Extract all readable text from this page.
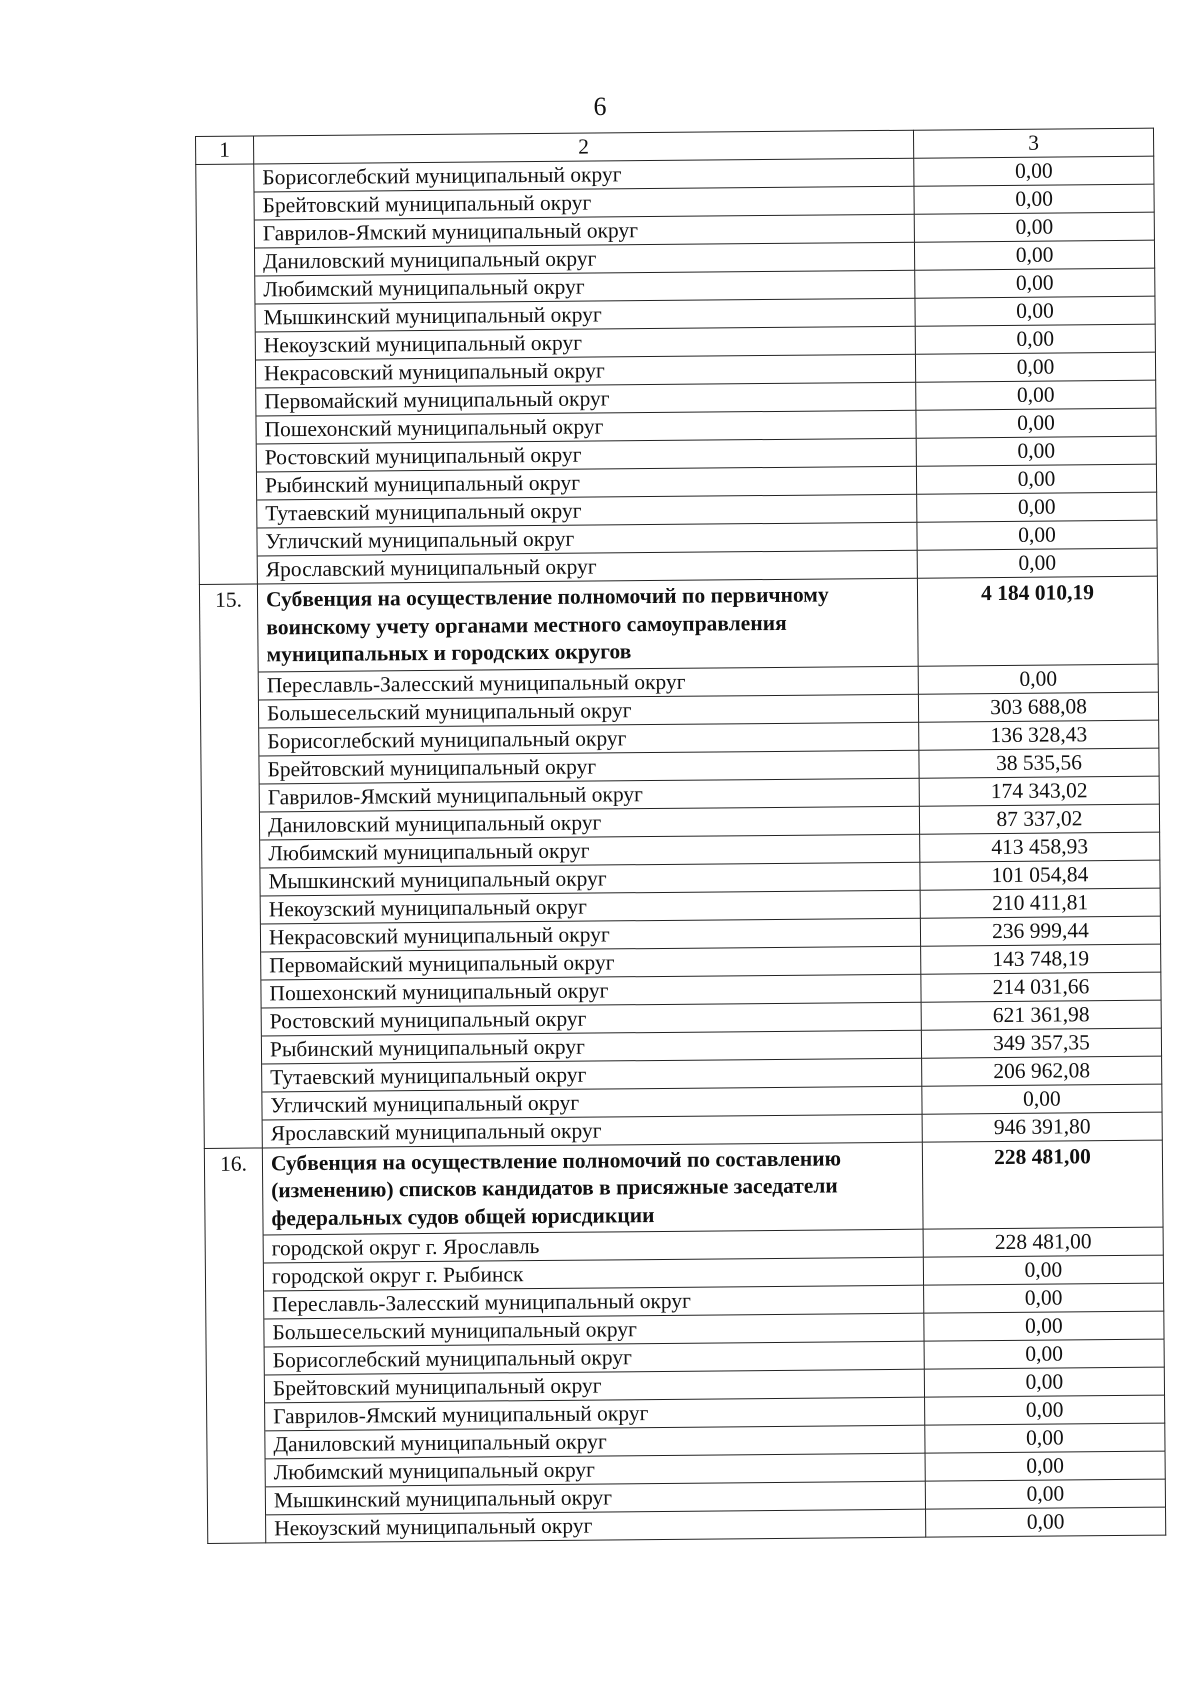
6
1	2	3
	Борисоглебский муниципальный округ	0,00
	Брейтовский муниципальный округ	0,00
	Гаврилов-Ямский муниципальный округ	0,00
	Даниловский муниципальный округ	0,00
	Любимский муниципальный округ	0,00
	Мышкинский муниципальный округ	0,00
	Некоузский муниципальный округ	0,00
	Некрасовский муниципальный округ	0,00
	Первомайский муниципальный округ	0,00
	Пошехонский муниципальный округ	0,00
	Ростовский муниципальный округ	0,00
	Рыбинский муниципальный округ	0,00
	Тутаевский муниципальный округ	0,00
	Угличский муниципальный округ	0,00
	Ярославский муниципальный округ	0,00
15.	Субвенция на осуществление полномочий по первичному воинскому учету органами местного самоуправления муниципальных и городских округов	4 184 010,19
	Переславль-Залесский муниципальный округ	0,00
	Большесельский муниципальный округ	303 688,08
	Борисоглебский муниципальный округ	136 328,43
	Брейтовский муниципальный округ	38 535,56
	Гаврилов-Ямский муниципальный округ	174 343,02
	Даниловский муниципальный округ	87 337,02
	Любимский муниципальный округ	413 458,93
	Мышкинский муниципальный округ	101 054,84
	Некоузский муниципальный округ	210 411,81
	Некрасовский муниципальный округ	236 999,44
	Первомайский муниципальный округ	143 748,19
	Пошехонский муниципальный округ	214 031,66
	Ростовский муниципальный округ	621 361,98
	Рыбинский муниципальный округ	349 357,35
	Тутаевский муниципальный округ	206 962,08
	Угличский муниципальный округ	0,00
	Ярославский муниципальный округ	946 391,80
16.	Субвенция на осуществление полномочий по составлению (изменению) списков кандидатов в присяжные заседатели федеральных судов общей юрисдикции	228 481,00
	городской округ г. Ярославль	228 481,00
	городской округ г. Рыбинск	0,00
	Переславль-Залесский муниципальный округ	0,00
	Большесельский муниципальный округ	0,00
	Борисоглебский муниципальный округ	0,00
	Брейтовский муниципальный округ	0,00
	Гаврилов-Ямский муниципальный округ	0,00
	Даниловский муниципальный округ	0,00
	Любимский муниципальный округ	0,00
	Мышкинский муниципальный округ	0,00
	Некоузский муниципальный округ	0,00
